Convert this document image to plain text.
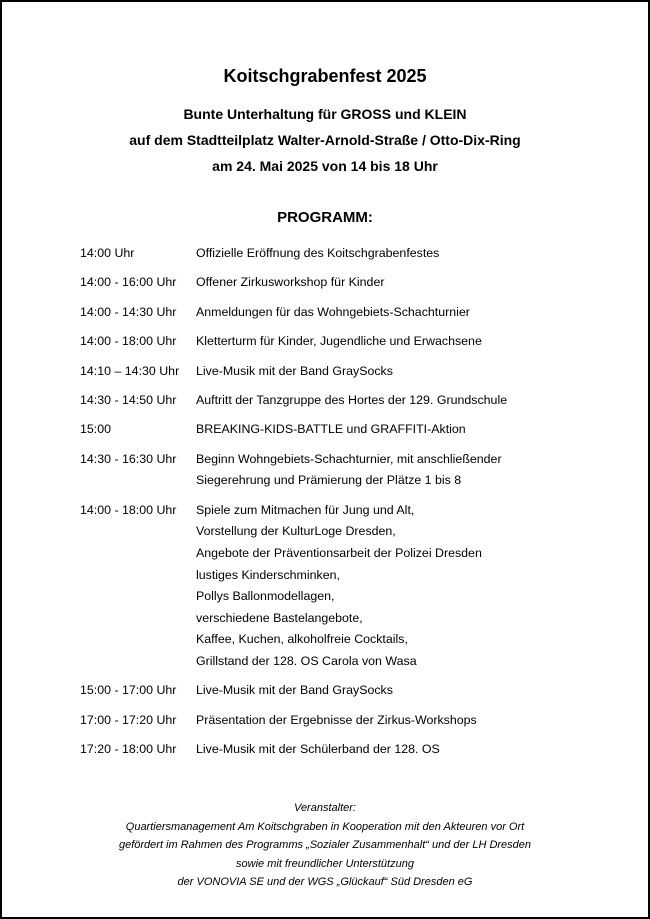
Koitschgrabenfest 2025
Bunte Unterhaltung für GROSS und KLEIN
auf dem Stadtteilplatz Walter-Arnold-Straße / Otto-Dix-Ring
am 24. Mai 2025 von 14 bis 18 Uhr
PROGRAMM:
14:00 Uhr	Offizielle Eröffnung des Koitschgrabenfestes
14:00 - 16:00 Uhr	Offener Zirkusworkshop für Kinder
14:00 - 14:30 Uhr	Anmeldungen für das Wohngebiets-Schachturnier
14:00 - 18:00 Uhr	Kletterturm für Kinder, Jugendliche und Erwachsene
14:10 – 14:30 Uhr	Live-Musik mit der Band GraySocks
14:30 - 14:50 Uhr	Auftritt der Tanzgruppe des Hortes der 129. Grundschule
15:00	BREAKING-KIDS-BATTLE und GRAFFITI-Aktion
14:30 - 16:30 Uhr	Beginn Wohngebiets-Schachturnier, mit anschließender
Siegerehrung und Prämierung der Plätze 1 bis 8
14:00 - 18:00 Uhr	Spiele zum Mitmachen für Jung und Alt,
Vorstellung der KulturLoge Dresden,
Angebote der Präventionsarbeit der Polizei Dresden
lustiges Kinderschminken,
Pollys Ballonmodellagen,
verschiedene Bastelangebote,
Kaffee, Kuchen, alkoholfreie Cocktails,
Grillstand der 128. OS Carola von Wasa
15:00 - 17:00 Uhr	Live-Musik mit der Band GraySocks
17:00 - 17:20 Uhr	Präsentation der Ergebnisse der Zirkus-Workshops
17:20 - 18:00 Uhr	Live-Musik mit der Schülerband der 128. OS
Veranstalter:
Quartiersmanagement Am Koitschgraben in Kooperation mit den Akteuren vor Ort
gefördert im Rahmen des Programms „Sozialer Zusammenhalt“ und der LH Dresden
sowie mit freundlicher Unterstützung
der VONOVIA SE und der WGS „Glückauf“ Süd Dresden eG
